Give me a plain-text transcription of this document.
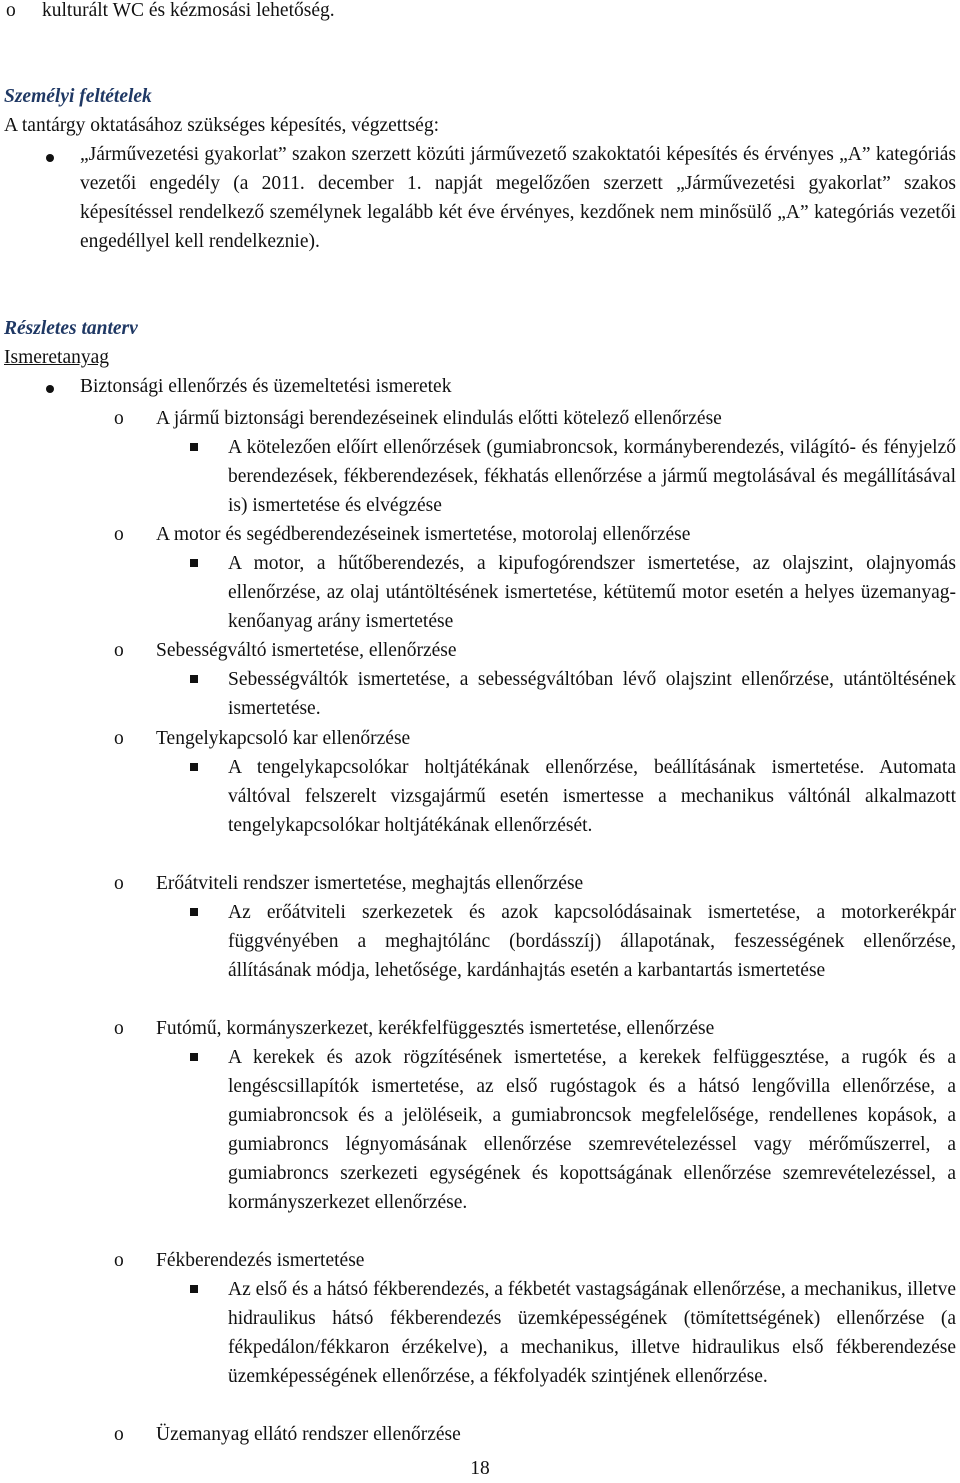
o kulturált WC és kézmosási lehetőség.
Személyi feltételek
A tantárgy oktatásához szükséges képesítés, végzettség:
„Járművezetési gyakorlat” szakon szerzett közúti járművezető szakoktatói képesítés és érvényes „A” kategóriás vezetői engedély (a 2011. december 1. napját megelőzően szerzett „Járművezetési gyakorlat” szakos képesítéssel rendelkező személynek legalább két éve érvényes, kezdőnek nem minősülő „A” kategóriás vezetői engedéllyel kell rendelkeznie).
Részletes tanterv
Ismeretanyag
Biztonsági ellenőrzés és üzemeltetési ismeretek
o A jármű biztonsági berendezéseinek elindulás előtti kötelező ellenőrzése
A kötelezően előírt ellenőrzések (gumiabroncsok, kormányberendezés, világító- és fényjelző berendezések, fékberendezések, fékhatás ellenőrzése a jármű megtolásával és megállításával is) ismertetése és elvégzése
o A motor és segédberendezéseinek ismertetése, motorolaj ellenőrzése
A motor, a hűtőberendezés, a kipufogórendszer ismertetése, az olajszint, olajnyomás ellenőrzése, az olaj utántöltésének ismertetése, kétütemű motor esetén a helyes üzemanyag-kenőanyag arány ismertetése
o Sebességváltó ismertetése, ellenőrzése
Sebességváltók ismertetése, a sebességváltóban lévő olajszint ellenőrzése, utántöltésének ismertetése.
o Tengelykapcsoló kar ellenőrzése
A tengelykapcsolókar holtjátékának ellenőrzése, beállításának ismertetése. Automata váltóval felszerelt vizsgajármű esetén ismertesse a mechanikus váltónál alkalmazott tengelykapcsolókar holtjátékának ellenőrzését.
o Erőátviteli rendszer ismertetése, meghajtás ellenőrzése
Az erőátviteli szerkezetek és azok kapcsolódásainak ismertetése, a motorkerékpár függvényében a meghajtólánc (bordásszíj) állapotának, feszességének ellenőrzése, állításának módja, lehetősége, kardánhajtás esetén a karbantartás ismertetése
o Futómű, kormányszerkezet, kerékfelfüggesztés ismertetése, ellenőrzése
A kerekek és azok rögzítésének ismertetése, a kerekek felfüggesztése, a rugók és a lengéscsillapítók ismertetése, az első rugóstagok és a hátsó lengővilla ellenőrzése, a gumiabroncsok és a jelöléseik, a gumiabroncsok megfelelősége, rendellenes kopások, a gumiabroncs légnyomásának ellenőrzése szemrevételezéssel vagy mérőműszerrel, a gumiabroncs szerkezeti egységének és kopottságának ellenőrzése szemrevételezéssel, a kormányszerkezet ellenőrzése.
o Fékberendezés ismertetése
Az első és a hátsó fékberendezés, a fékbetét vastagságának ellenőrzése, a mechanikus, illetve hidraulikus hátsó fékberendezés üzemképességének (tömítettségének) ellenőrzése (a fékpedálon/fékkaron érzékelve), a mechanikus, illetve hidraulikus első fékberendezése üzemképességének ellenőrzése, a fékfolyadék szintjének ellenőrzése.
o Üzemanyag ellátó rendszer ellenőrzése
18
